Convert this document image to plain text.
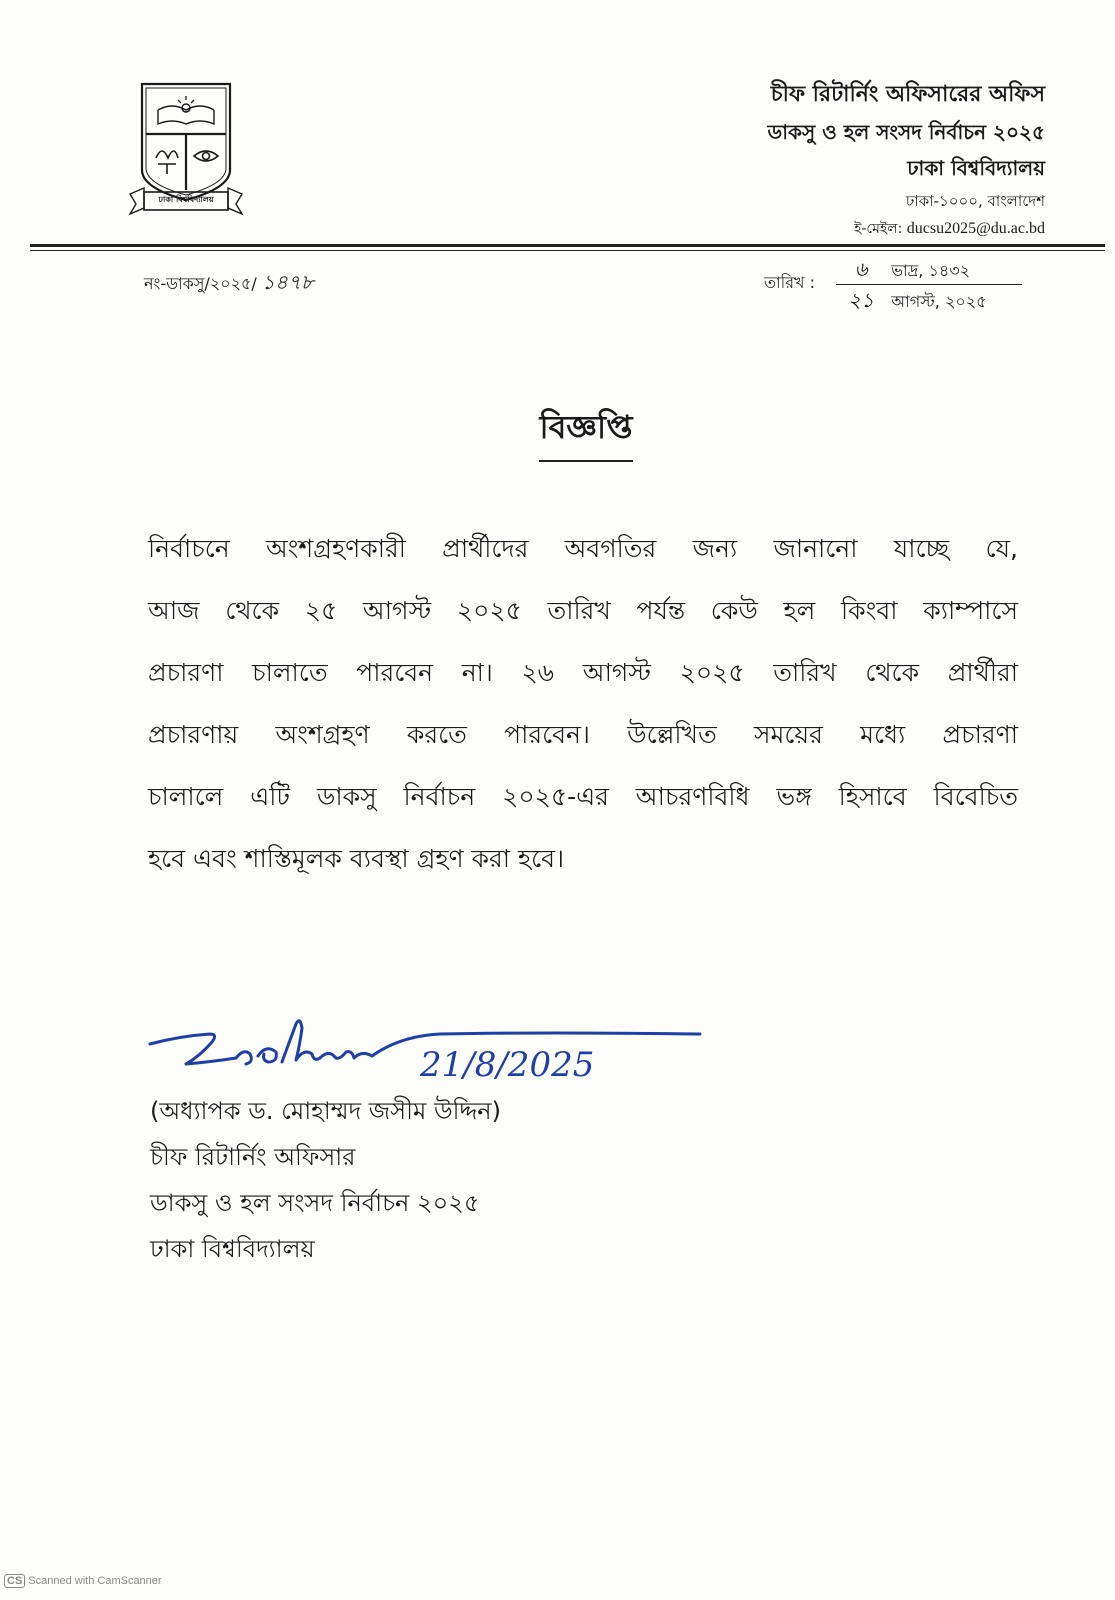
ঢাকা বিশ্ববিদ্যালয়
চীফ রিটার্নিং অফিসারের অফিস
ডাকসু ও হল সংসদ নির্বাচন ২০২৫
ঢাকা বিশ্ববিদ্যালয়
ঢাকা-১০০০, বাংলাদেশ
ই-মেইল: ducsu2025@du.ac.bd
নং-ডাকসু/২০২৫/ ১৪৭৮	তারিখ :
৬ ভাদ্র, ১৪৩২
২১ আগস্ট, ২০২৫
বিজ্ঞপ্তি
নির্বাচনে অংশগ্রহণকারী প্রার্থীদের অবগতির জন্য জানানো যাচ্ছে যে,
আজ থেকে ২৫ আগস্ট ২০২৫ তারিখ পর্যন্ত কেউ হল কিংবা ক্যাম্পাসে
প্রচারণা চালাতে পারবেন না। ২৬ আগস্ট ২০২৫ তারিখ থেকে প্রার্থীরা
প্রচারণায় অংশগ্রহণ করতে পারবেন। উল্লেখিত সময়ের মধ্যে প্রচারণা
চালালে এটি ডাকসু নির্বাচন ২০২৫-এর আচরণবিধি ভঙ্গ হিসাবে বিবেচিত
হবে এবং শাস্তিমূলক ব্যবস্থা গ্রহণ করা হবে।
21/8/2025
(অধ্যাপক ড. মোহাম্মদ জসীম উদ্দিন)
চীফ রিটার্নিং অফিসার
ডাকসু ও হল সংসদ নির্বাচন ২০২৫
ঢাকা বিশ্ববিদ্যালয়
CS Scanned with CamScanner
